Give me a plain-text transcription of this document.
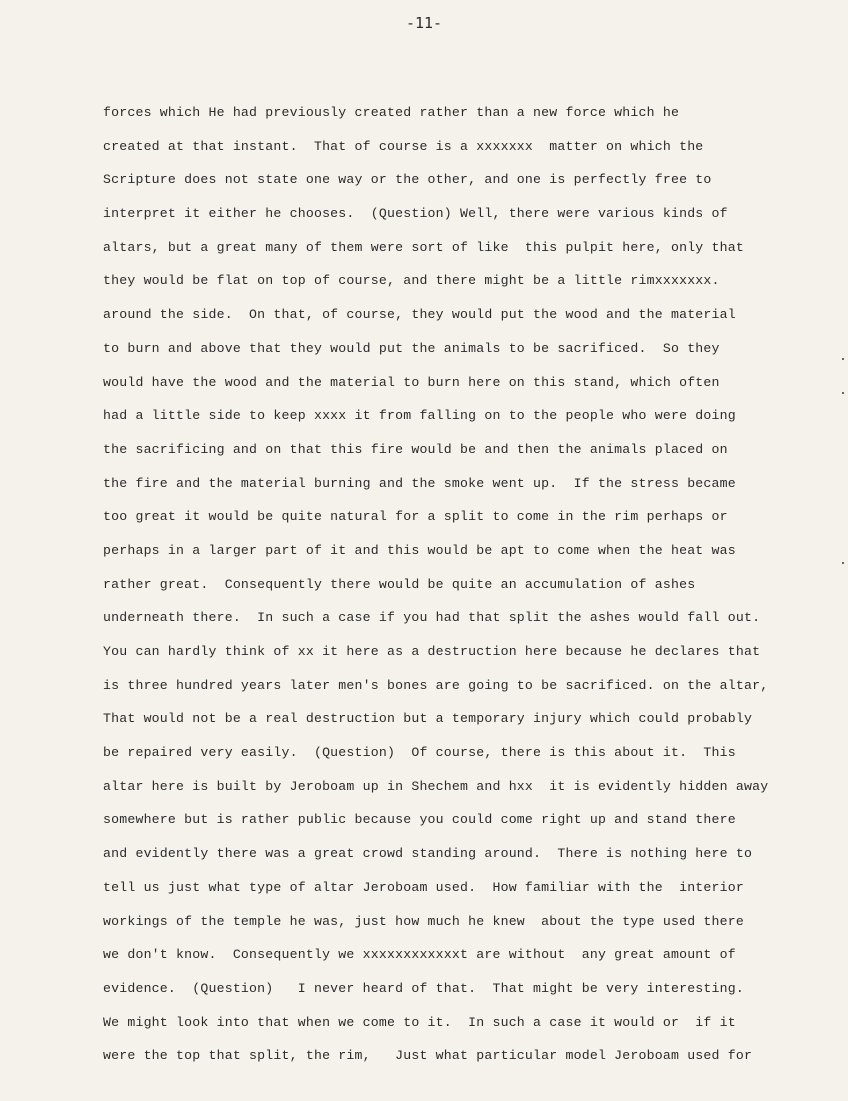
-11-
forces which He had previously created rather than a new force which he
created at that instant.  That of course is a xxxxxxx  matter on which the
Scripture does not state one way or the other, and one is perfectly free to
interpret it either he chooses.  (Question) Well, there were various kinds of
altars, but a great many of them were sort of like  this pulpit here, only that
they would be flat on top of course, and there might be a little rimxxxxxxx.
around the side.  On that, of course, they would put the wood and the material
to burn and above that they would put the animals to be sacrificed.  So they
would have the wood and the material to burn here on this stand, which often
had a little side to keep xxxx it from falling on to the people who were doing
the sacrificing and on that this fire would be and then the animals placed on
the fire and the material burning and the smoke went up.  If the stress became
too great it would be quite natural for a split to come in the rim perhaps or
perhaps in a larger part of it and this would be apt to come when the heat was
rather great.  Consequently there would be quite an accumulation of ashes
underneath there.  In such a case if you had that split the ashes would fall out.
You can hardly think of xx it here as a destruction here because he declares that
is three hundred years later men's bones are going to be sacrificed. on the altar,
That would not be a real destruction but a temporary injury which could probably
be repaired very easily.  (Question)  Of course, there is this about it.  This
altar here is built by Jeroboam up in Shechem and hxx  it is evidently hidden away
somewhere but is rather public because you could come right up and stand there
and evidently there was a great crowd standing around.  There is nothing here to
tell us just what type of altar Jeroboam used.  How familiar with the  interior
workings of the temple he was, just how much he knew  about the type used there
we don't know.  Consequently we xxxxxxxxxxxxt are without  any great amount of
evidence.  (Question)   I never heard of that.  That might be very interesting.
We might look into that when we come to it.  In such a case it would or  if it
were the top that split, the rim,   Just what particular model Jeroboam used for
